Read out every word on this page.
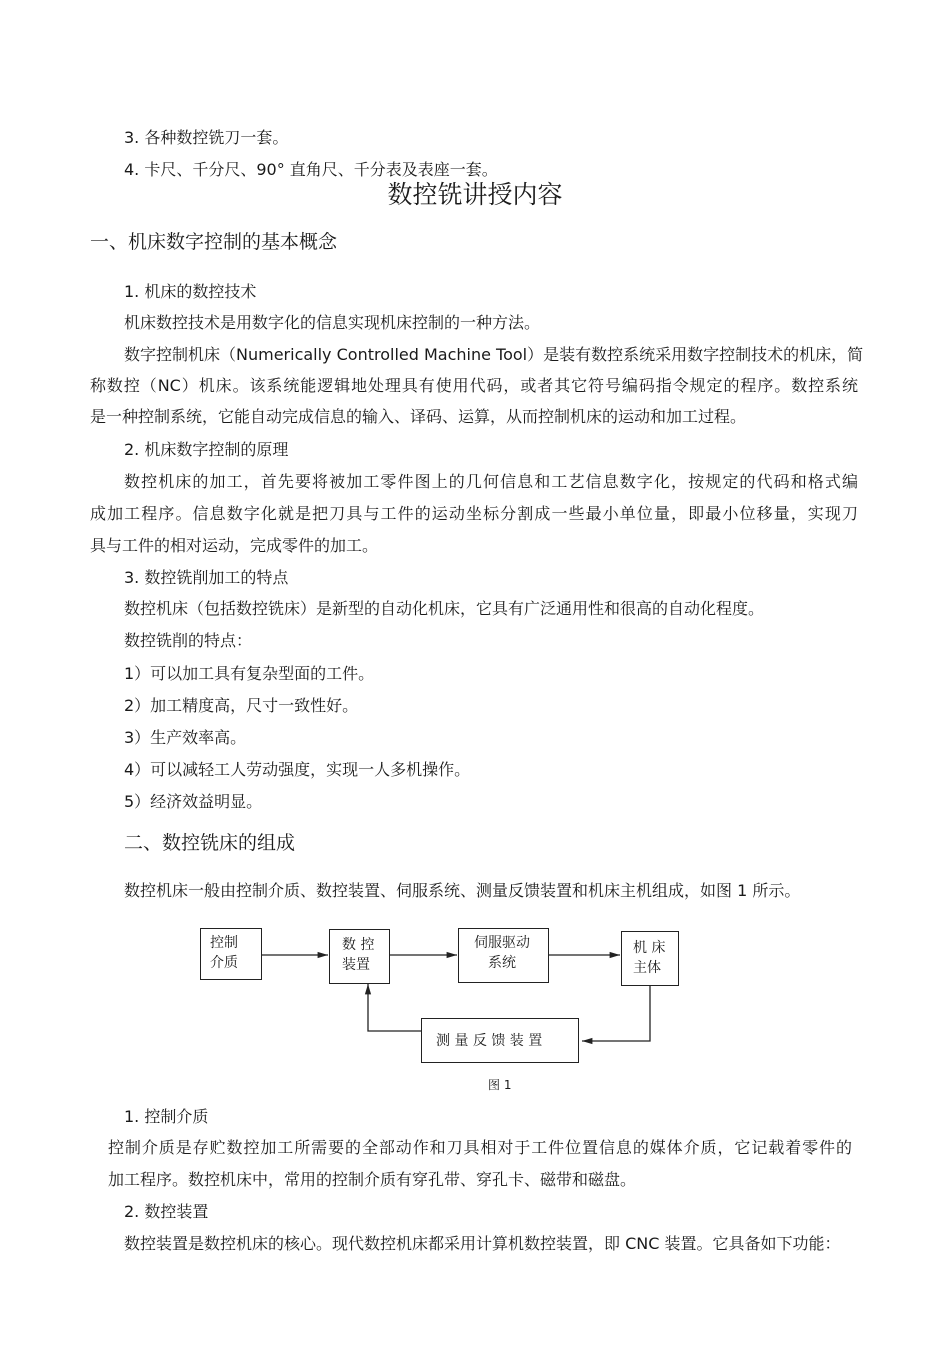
3. 各种数控铣刀一套。
4. 卡尺、千分尺、90° 直角尺、千分表及表座一套。
数控铣讲授内容
一、机床数字控制的基本概念
1. 机床的数控技术
机床数控技术是用数字化的信息实现机床控制的一种方法。
数字控制机床（Numerically Controlled Machine Tool）是装有数控系统采用数字控制技术的机床，简
称数控（NC）机床。该系统能逻辑地处理具有使用代码，或者其它符号编码指令规定的程序。数控系统
是一种控制系统，它能自动完成信息的输入、译码、运算，从而控制机床的运动和加工过程。
2. 机床数字控制的原理
数控机床的加工，首先要将被加工零件图上的几何信息和工艺信息数字化，按规定的代码和格式编
成加工程序。信息数字化就是把刀具与工件的运动坐标分割成一些最小单位量，即最小位移量，实现刀
具与工件的相对运动，完成零件的加工。
3. 数控铣削加工的特点
数控机床（包括数控铣床）是新型的自动化机床，它具有广泛通用性和很高的自动化程度。
数控铣削的特点：
1）可以加工具有复杂型面的工件。
2）加工精度高，尺寸一致性好。
3）生产效率高。
4）可以减轻工人劳动强度，实现一人多机操作。
5）经济效益明显。
二、数控铣床的组成
数控机床一般由控制介质、数控装置、伺服系统、测量反馈装置和机床主机组成，如图 1 所示。
控制
介质
数 控
装置
伺服驱动
系统
机 床
主体
测 量 反 馈 装 置
图 1
1. 控制介质
控制介质是存贮数控加工所需要的全部动作和刀具相对于工件位置信息的媒体介质，它记载着零件的
加工程序。数控机床中，常用的控制介质有穿孔带、穿孔卡、磁带和磁盘。
2. 数控装置
数控装置是数控机床的核心。现代数控机床都采用计算机数控装置，即 CNC 装置。它具备如下功能：
